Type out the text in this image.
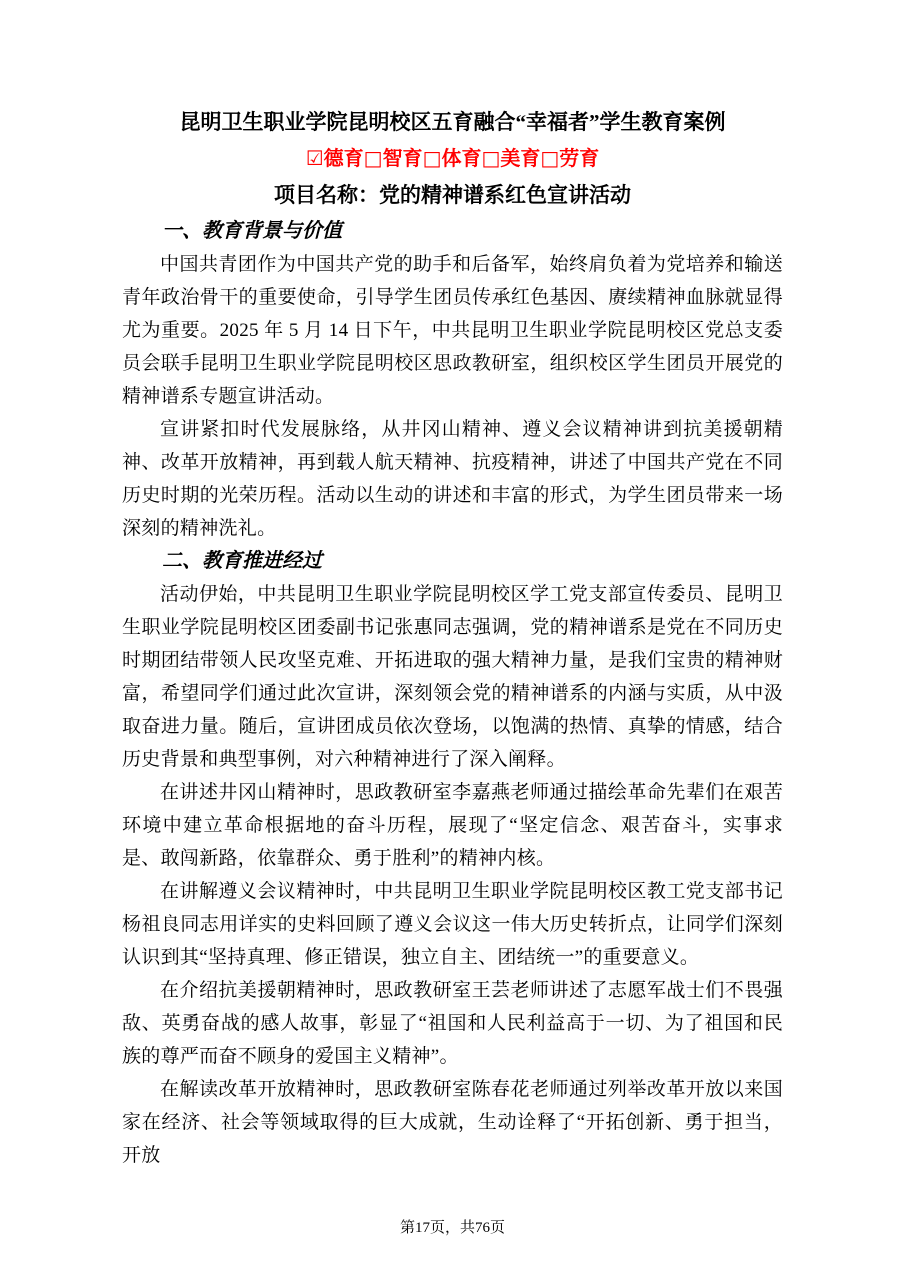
昆明卫生职业学院昆明校区五育融合“幸福者”学生教育案例
☑德育□智育□体育□美育□劳育
项目名称：党的精神谱系红色宣讲活动
一、教育背景与价值

中国共青团作为中国共产党的助手和后备军，始终肩负着为党培养和输送青年政治骨干的重要使命，引导学生团员传承红色基因、赓续精神血脉就显得尤为重要。2025 年 5 月 14 日下午，中共昆明卫生职业学院昆明校区党总支委员会联手昆明卫生职业学院昆明校区思政教研室，组织校区学生团员开展党的精神谱系专题宣讲活动。

宣讲紧扣时代发展脉络，从井冈山精神、遵义会议精神讲到抗美援朝精神、改革开放精神，再到载人航天精神、抗疫精神，讲述了中国共产党在不同历史时期的光荣历程。活动以生动的讲述和丰富的形式，为学生团员带来一场深刻的精神洗礼。

二、教育推进经过

活动伊始，中共昆明卫生职业学院昆明校区学工党支部宣传委员、昆明卫生职业学院昆明校区团委副书记张惠同志强调，党的精神谱系是党在不同历史时期团结带领人民攻坚克难、开拓进取的强大精神力量，是我们宝贵的精神财富，希望同学们通过此次宣讲，深刻领会党的精神谱系的内涵与实质，从中汲取奋进力量。随后，宣讲团成员依次登场，以饱满的热情、真挚的情感，结合历史背景和典型事例，对六种精神进行了深入阐释。

在讲述井冈山精神时，思政教研室李嘉燕老师通过描绘革命先辈们在艰苦环境中建立革命根据地的奋斗历程，展现了“坚定信念、艰苦奋斗，实事求是、敢闯新路，依靠群众、勇于胜利”的精神内核。

在讲解遵义会议精神时，中共昆明卫生职业学院昆明校区教工党支部书记杨祖良同志用详实的史料回顾了遵义会议这一伟大历史转折点，让同学们深刻认识到其“坚持真理、修正错误，独立自主、团结统一”的重要意义。

在介绍抗美援朝精神时，思政教研室王芸老师讲述了志愿军战士们不畏强敌、英勇奋战的感人故事，彰显了“祖国和人民利益高于一切、为了祖国和民族的尊严而奋不顾身的爱国主义精神”。

在解读改革开放精神时，思政教研室陈春花老师通过列举改革开放以来国家在经济、社会等领域取得的巨大成就，生动诠释了“开拓创新、勇于担当，开放

第17页，共76页
